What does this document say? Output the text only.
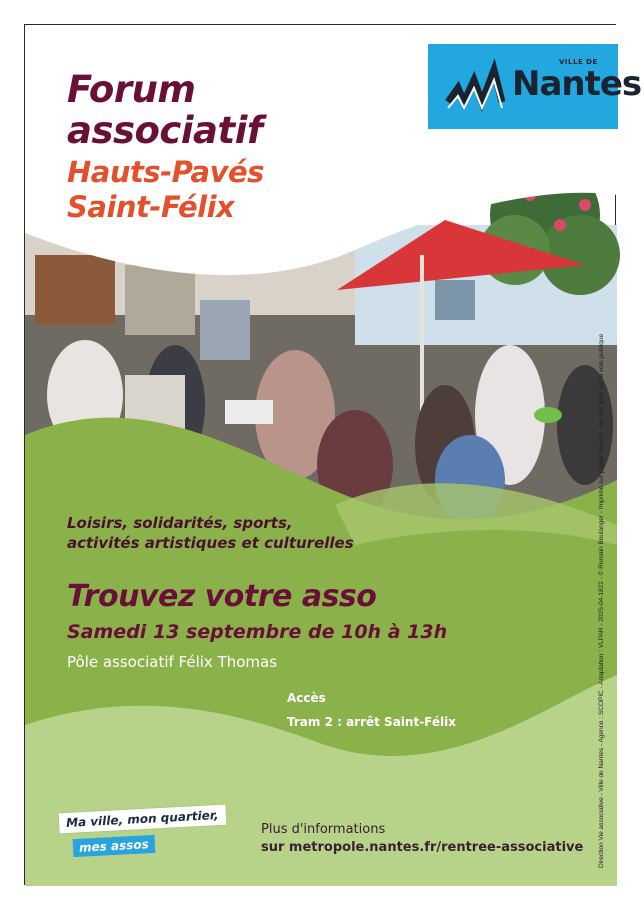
Forum
associatif
Hauts-Pavés
Saint-Félix
VILLE DE
Nantes
Loisirs, solidarités, sports,
activités artistiques et culturelles
Trouvez votre asso
Samedi 13 septembre de 10h à 13h
Pôle associatif Félix Thomas
Accès
Tram 2 : arrêt Saint-Félix
Ma ville, mon quartier,
mes assos
Plus d'informations
sur metropole.nantes.fr/rentree-associative Direction Vie associative - Ville de Nantes - Agence : SCOPIC - Adaptation : VLPAR - 2025-04-1822 - © Romain Boulanger - Imprimé sur papier recyclé - Ne pas jeter sur la voie publique
